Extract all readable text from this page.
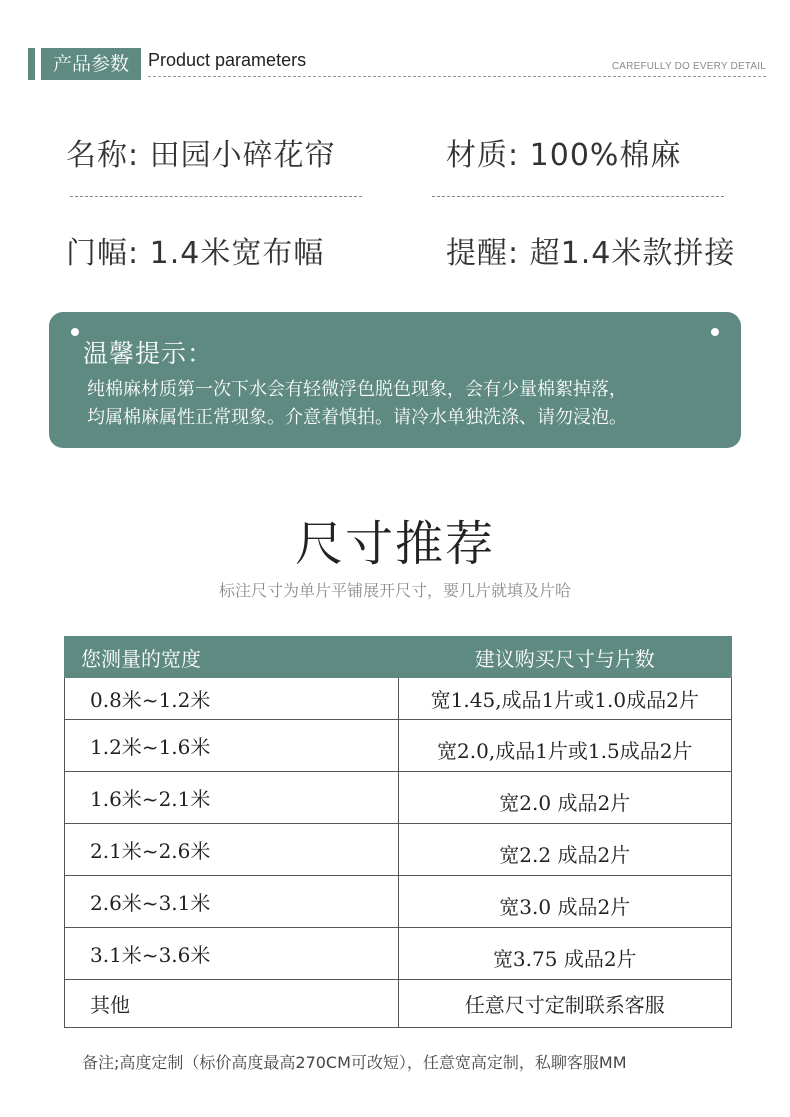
产品参数	Product parameters	CAREFULLY DO EVERY DETAIL
名称: 田园小碎花帘	材质: 100%棉麻
门幅: 1.4米宽布幅	提醒: 超1.4米款拼接
温馨提示：
纯棉麻材质第一次下水会有轻微浮色脱色现象，会有少量棉絮掉落，
均属棉麻属性正常现象。介意着慎拍。请冷水单独洗涤、请勿浸泡。
尺寸推荐
标注尺寸为单片平铺展开尺寸，要几片就填及片哈
您测量的宽度	建议购买尺寸与片数
0.8米~1.2米	宽1.45,成品1片或1.0成品2片
1.2米~1.6米	宽2.0,成品1片或1.5成品2片
1.6米~2.1米	宽2.0 成品2片
2.1米~2.6米	宽2.2 成品2片
2.6米~3.1米	宽3.0 成品2片
3.1米~3.6米	宽3.75 成品2片
其他	任意尺寸定制联系客服
备注;高度定制（标价高度最高270CM可改短），任意宽高定制，私聊客服MM
